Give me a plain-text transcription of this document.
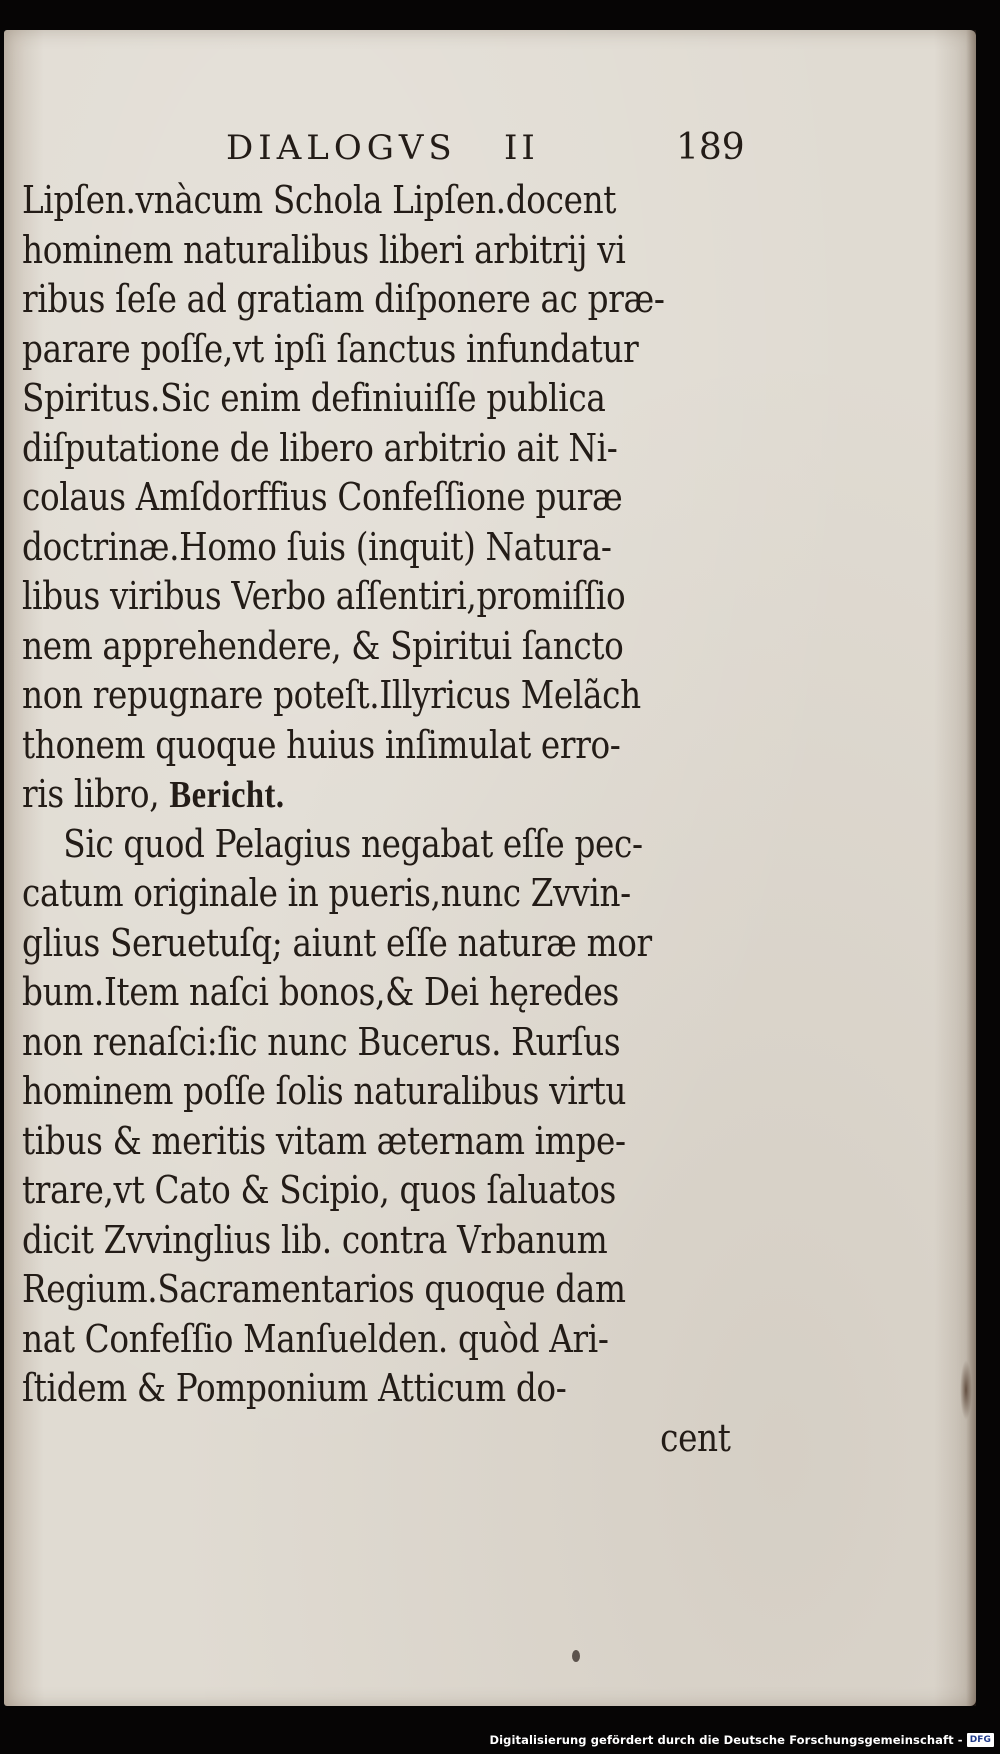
DIALOGVS II	189
Lipſen.vnàcum Schola Lipſen.docent
hominem naturalibus liberi arbitrij vi
ribus ſeſe ad gratiam diſponere ac præ-
parare poſſe,vt ipſi ſanctus infundatur
Spiritus.Sic enim definiuiſſe publica
diſputatione de libero arbitrio ait Ni-
colaus Amſdorffius Confeſſione puræ
doctrinæ.Homo ſuis (inquit) Natura-
libus viribus Verbo aſſentiri,promiſſio
nem apprehendere, & Spiritui ſancto
non repugnare poteſt.Illyricus Melãch
thonem quoque huius inſimulat erro-
ris libro, Bericht.
Sic quod Pelagius negabat eſſe pec-
catum originale in pueris,nunc Zvvin-
glius Seruetuſq; aiunt eſſe naturæ mor
bum.Item naſci bonos,& Dei hęredes
non renaſci:ſic nunc Bucerus. Rurſus
hominem poſſe ſolis naturalibus virtu
tibus & meritis vitam æternam impe-
trare,vt Cato & Scipio, quos ſaluatos
dicit Zvvinglius lib. contra Vrbanum
Regium.Sacramentarios quoque dam
nat Confeſſio Manſuelden. quòd Ari-
ſtidem & Pomponium Atticum do-
cent
Digitalisierung gefördert durch die Deutsche Forschungsgemeinschaft - DFG
